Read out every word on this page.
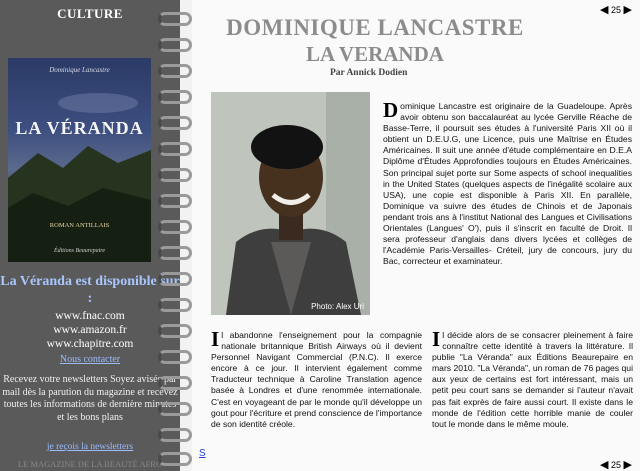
CULTURE
Dominique Lancastre
LA VÉRANDA
ROMAN ANTILLAIS
Éditions Beaurepaire
La Véranda est disponible sur :
www.fnac.com
www.amazon.fr
www.chapitre.com
Nous contacter
Recevez votre newsletters Soyez avisés par mail dès la parution du magazine et recevez toutes les informations de dernière minutes et les bons plans
je reçois la newsletters
LE MAGAZINE DE LA BEAUTÉ AFRO
◀ 25 ▶
DOMINIQUE LANCASTRE
LA VERANDA
Par Annick Dodien
Photo: Alex Uri
D ominique Lancastre est originaire de la Guadeloupe. Après avoir obtenu son baccalauréat au lycée Gerville Réache de Basse-Terre, il poursuit ses études à l'université Paris XII où il obtient un D.E.U.G, une Licence, puis une Maîtrise en Études Américaines. Il suit une année d'étude complémentaire en D.E.A Diplôme d'Études Approfondies toujours en Études Américaines. Son principal sujet porte sur Some aspects of school inequalities in the United States (quelques aspects de l'inégalité scolaire aux USA), une copie est disponible à Paris XII. En parallèle, Dominique va suivre des études de Chinois et de Japonais pendant trois ans à l'institut National des Langues et Civilisations Orientales (Langues' O'), puis il s'inscrit en faculté de Droit. Il sera professeur d'anglais dans divers lycées et collèges de l'Académie Paris-Versailles- Créteil, jury de concours, jury du Bac, correcteur et examinateur.
I l abandonne l'enseignement pour la compagnie nationale britannique British Airways où il devient Personnel Navigant Commercial (P.N.C). Il exerce encore à ce jour. Il intervient également comme Traducteur technique à Caroline Translation agence basée à Londres et d'une renommée internationale. C'est en voyageant de par le monde qu'il développe un gout pour l'écriture et prend conscience de l'importance de son identité créole.
I l décide alors de se consacrer pleinement à faire connaître cette identité à travers la littérature. Il publie "La Véranda" aux Éditions Beaurepaire en mars 2010. "La Véranda", un roman de 76 pages qui aux yeux de certains est fort intéressant, mais un petit peu court sans se demander si l'auteur n'avait pas fait exprès de faire aussi court. Il existe dans le monde de l'édition cette horrible manie de couler tout le monde dans le même moule.
S
◀ 25 ▶
